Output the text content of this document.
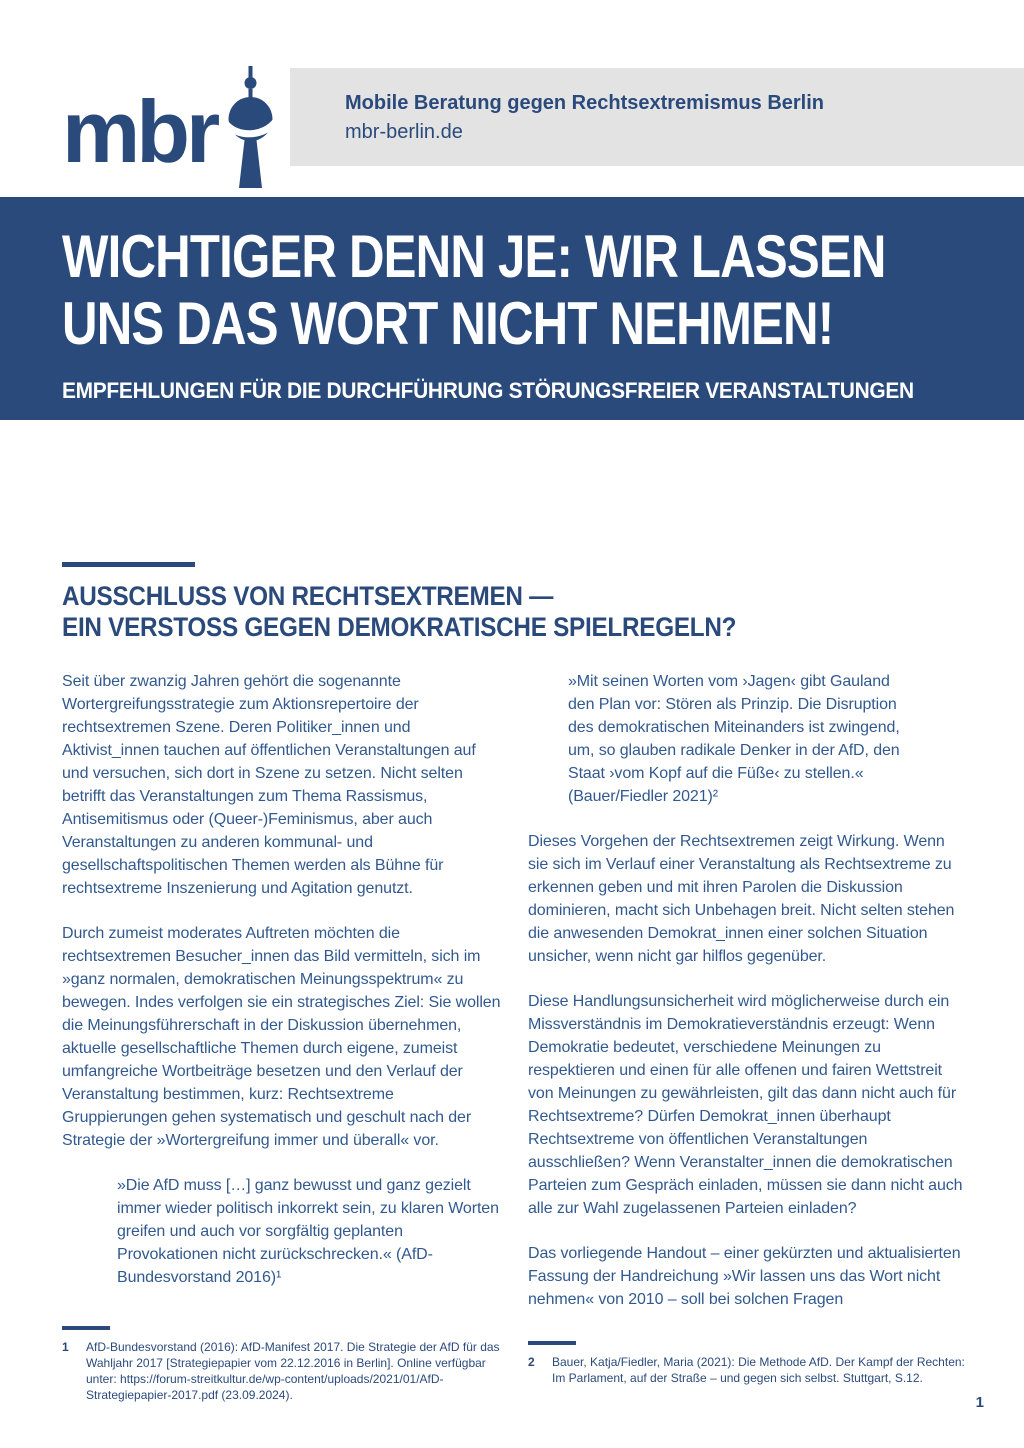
mbr	Mobile Beratung gegen Rechtsextremismus Berlin
mbr-berlin.de
WICHTIGER DENN JE: WIR LASSEN
UNS DAS WORT NICHT NEHMEN!
EMPFEHLUNGEN FÜR DIE DURCHFÜHRUNG STÖRUNGSFREIER VERANSTALTUNGEN
AUSSCHLUSS VON RECHTSEXTREMEN —
EIN VERSTOSS GEGEN DEMOKRATISCHE SPIELREGELN?

Seit über zwanzig Jahren gehört die sogenannte Wortergreifungsstrategie zum Aktionsrepertoire der rechtsextremen Szene. Deren Politiker_innen und Aktivist_innen tauchen auf öffentlichen Veranstaltungen auf und versuchen, sich dort in Szene zu setzen. Nicht selten betrifft das Veranstaltungen zum Thema Rassismus, Antisemitismus oder (Queer-)Feminismus, aber auch Veranstaltungen zu anderen kommunal- und gesellschaftspolitischen Themen werden als Bühne für rechtsextreme Inszenierung und Agitation genutzt.

Durch zumeist moderates Auftreten möchten die rechtsextremen Besucher_innen das Bild vermitteln, sich im »ganz normalen, demokratischen Meinungsspektrum« zu bewegen. Indes verfolgen sie ein strategisches Ziel: Sie wollen die Meinungsführerschaft in der Diskussion übernehmen, aktuelle gesellschaftliche Themen durch eigene, zumeist umfangreiche Wortbeiträge besetzen und den Verlauf der Veranstaltung bestimmen, kurz: Rechtsextreme Gruppierungen gehen systematisch und geschult nach der Strategie der »Wortergreifung immer und überall« vor.

»Die AfD muss […] ganz bewusst und ganz gezielt immer wieder politisch inkorrekt sein, zu klaren Worten greifen und auch vor sorgfältig geplanten Provokationen nicht zurückschrecken.« (AfD-Bundesvorstand 2016)¹

»Mit seinen Worten vom ›Jagen‹ gibt Gauland den Plan vor: Stören als Prinzip. Die Disruption des demokratischen Miteinanders ist zwingend, um, so glauben radikale Denker in der AfD, den Staat ›vom Kopf auf die Füße‹ zu stellen.« (Bauer/Fiedler 2021)²

Dieses Vorgehen der Rechtsextremen zeigt Wirkung. Wenn sie sich im Verlauf einer Veranstaltung als Rechtsextreme zu erkennen geben und mit ihren Parolen die Diskussion dominieren, macht sich Unbehagen breit. Nicht selten stehen die anwesenden Demokrat_innen einer solchen Situation unsicher, wenn nicht gar hilflos gegenüber.

Diese Handlungsunsicherheit wird möglicherweise durch ein Missverständnis im Demokratieverständnis erzeugt: Wenn Demokratie bedeutet, verschiedene Meinungen zu respektieren und einen für alle offenen und fairen Wettstreit von Meinungen zu gewährleisten, gilt das dann nicht auch für Rechtsextreme? Dürfen Demokrat_innen überhaupt Rechtsextreme von öffentlichen Veranstaltungen ausschließen? Wenn Veranstalter_innen die demokratischen Parteien zum Gespräch einladen, müssen sie dann nicht auch alle zur Wahl zugelassenen Parteien einladen?

Das vorliegende Handout – einer gekürzten und aktualisierten Fassung der Handreichung »Wir lassen uns das Wort nicht nehmen« von 2010 – soll bei solchen Fragen

1	AfD-Bundesvorstand (2016): AfD-Manifest 2017. Die Strategie der AfD für das Wahljahr 2017 [Strategiepapier vom 22.12.2016 in Berlin]. Online verfügbar unter: https://forum-streitkultur.de/wp-content/uploads/2021/01/AfD-Strategiepapier-2017.pdf (23.09.2024).
2	Bauer, Katja/Fiedler, Maria (2021): Die Methode AfD. Der Kampf der Rechten: Im Parlament, auf der Straße – und gegen sich selbst. Stuttgart, S.12.
1
